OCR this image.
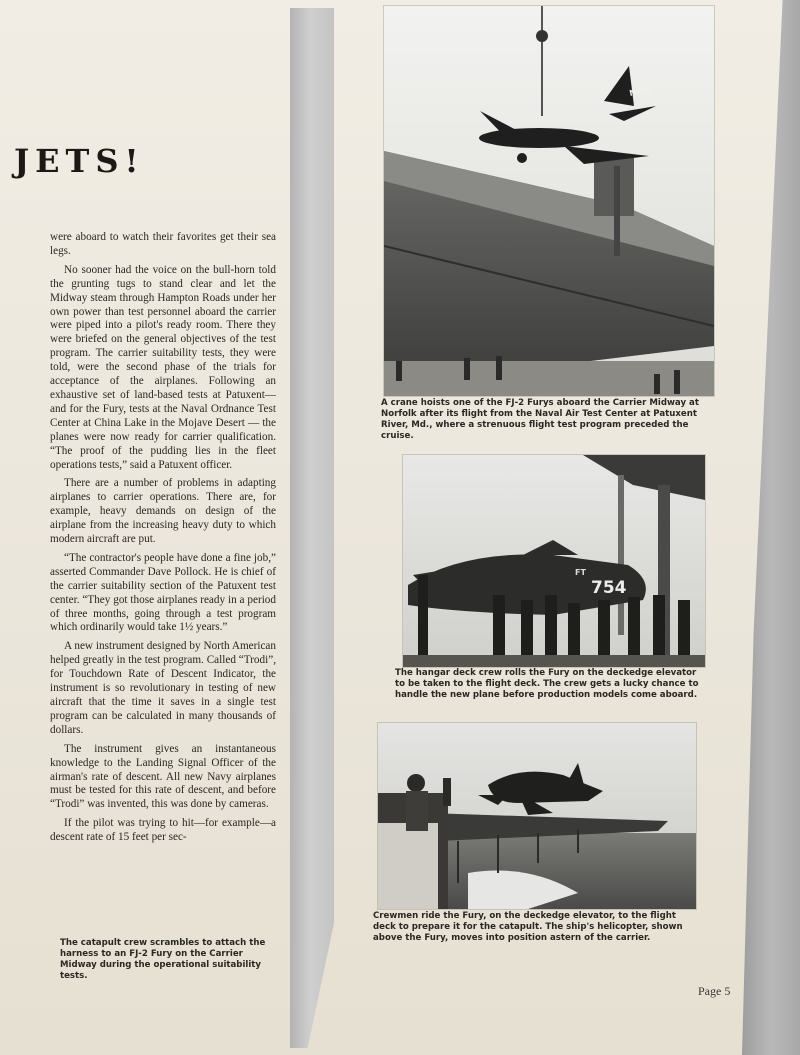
JETS!

were aboard to watch their favorites get their sea legs.

No sooner had the voice on the bull-horn told the grunting tugs to stand clear and let the Midway steam through Hampton Roads under her own power than test personnel aboard the carrier were piped into a pilot's ready room. There they were briefed on the general objectives of the test program. The carrier suitability tests, they were told, were the second phase of the trials for acceptance of the airplanes. Following an exhaustive set of land-based tests at Patuxent—and for the Fury, tests at the Naval Ordnance Test Center at China Lake in the Mojave Desert — the planes were now ready for carrier qualification. “The proof of the pudding lies in the fleet operations tests,” said a Patuxent officer.

There are a number of problems in adapting airplanes to carrier operations. There are, for example, heavy demands on design of the airplane from the increasing heavy duty to which modern aircraft are put.

“The contractor's people have done a fine job,” asserted Commander Dave Pollock. He is chief of the carrier suitability section of the Patuxent test center. “They got those airplanes ready in a period of three months, going through a test program which ordinarily would take 1½ years.”

A new instrument designed by North American helped greatly in the test program. Called “Trodi”, for Touchdown Rate of Descent Indicator, the instrument is so revolutionary in testing of new aircraft that the time it saves in a single test program can be calculated in many thousands of dollars.

The instrument gives an instantaneous knowledge to the Landing Signal Officer of the airman's rate of descent. All new Navy airplanes must be tested for this rate of descent, and before “Trodi” was invented, this was done by cameras.

If the pilot was trying to hit—for example—a descent rate of 15 feet per sec-

The catapult crew scrambles to attach the harness to an FJ-2 Fury on the Carrier Midway during the operational suitability tests.
NATC
A crane hoists one of the FJ-2 Furys aboard the Carrier Midway at Norfolk after its flight from the Naval Air Test Center at Patuxent River, Md., where a strenuous flight test program preceded the cruise.
754
FT
The hangar deck crew rolls the Fury on the deckedge elevator to be taken to the flight deck. The crew gets a lucky chance to handle the new plane before production models come aboard.
Crewmen ride the Fury, on the deckedge elevator, to the flight deck to prepare it for the catapult. The ship's helicopter, shown above the Fury, moves into position astern of the carrier.
Page 5
